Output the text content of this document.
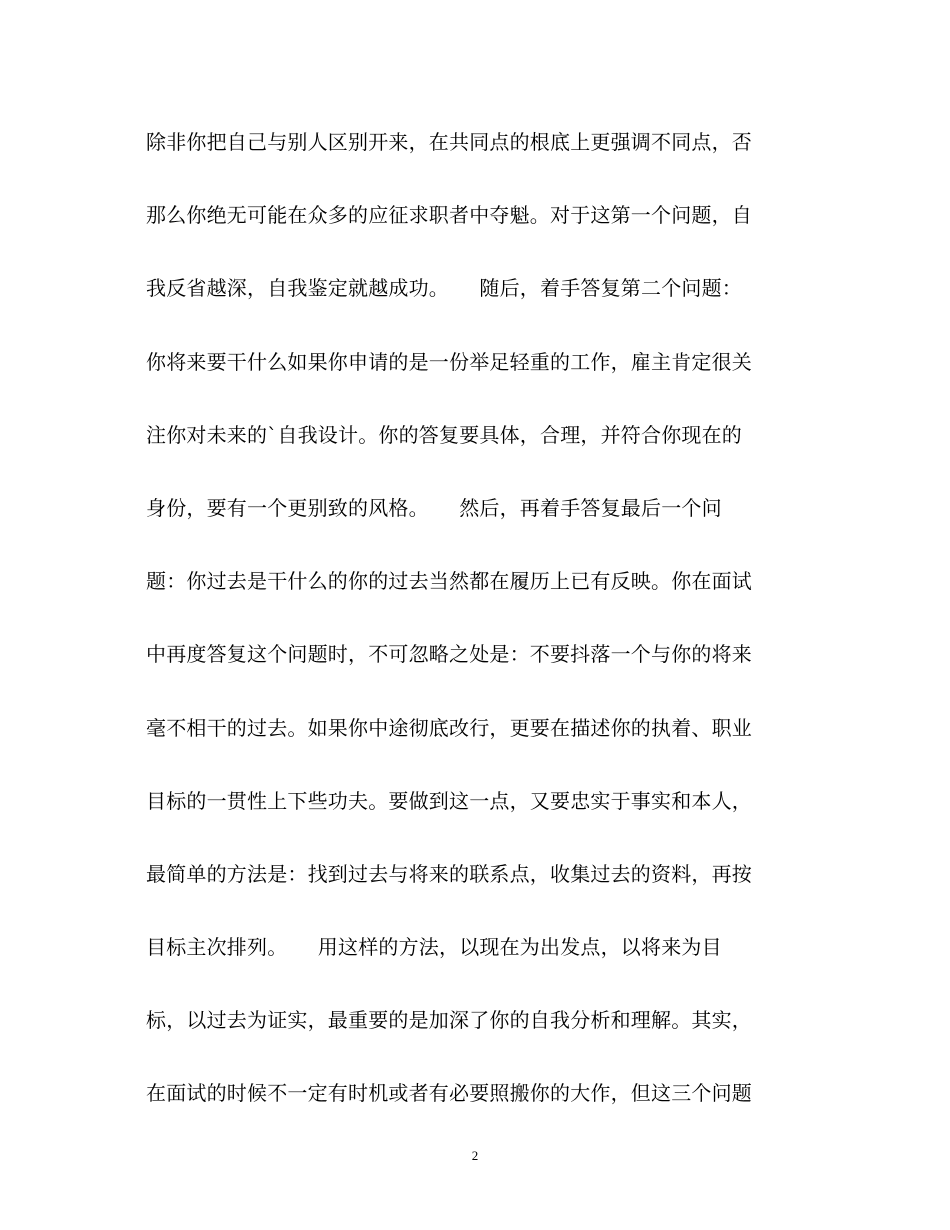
除非你把自己与别人区别开来，在共同点的根底上更强调不同点，否
那么你绝无可能在众多的应征求职者中夺魁。对于这第一个问题，自
我反省越深，自我鉴定就越成功。　　随后，着手答复第二个问题：
你将来要干什么如果你申请的是一份举足轻重的工作，雇主肯定很关
注你对未来的`自我设计。你的答复要具体，合理，并符合你现在的
身份，要有一个更别致的风格。　　然后，再着手答复最后一个问
题：你过去是干什么的你的过去当然都在履历上已有反映。你在面试
中再度答复这个问题时，不可忽略之处是：不要抖落一个与你的将来
毫不相干的过去。如果你中途彻底改行，更要在描述你的执着、职业
目标的一贯性上下些功夫。要做到这一点，又要忠实于事实和本人，
最简单的方法是：找到过去与将来的联系点，收集过去的资料，再按
目标主次排列。　　用这样的方法，以现在为出发点，以将来为目
标，以过去为证实，最重要的是加深了你的自我分析和理解。其实，
在面试的时候不一定有时机或者有必要照搬你的大作，但这三个问题
2
